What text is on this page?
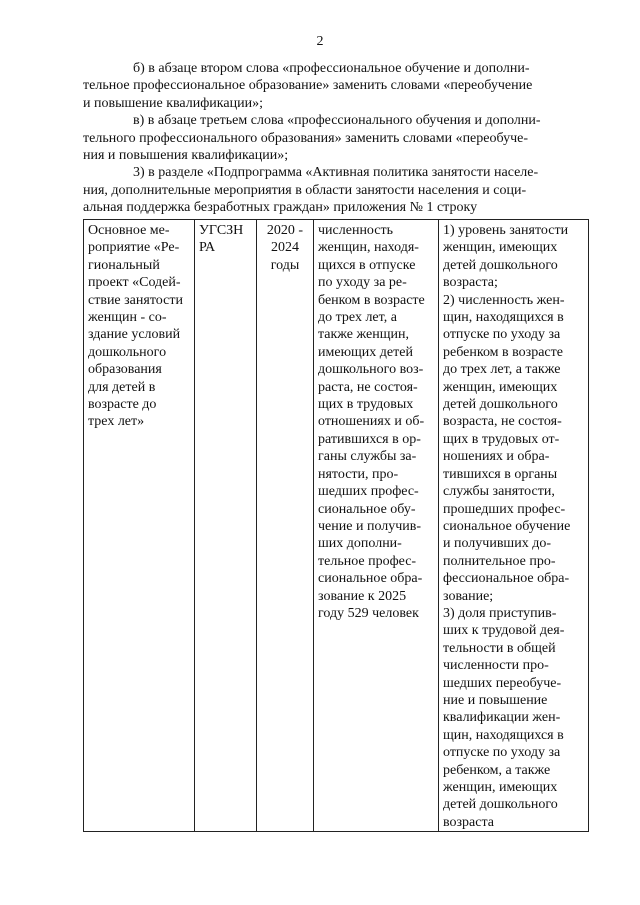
2

б) в абзаце втором слова «профессиональное обучение и дополни-
тельное профессиональное образование» заменить словами «переобучение
и повышение квалификации»;

в) в абзаце третьем слова «профессионального обучения и дополни-
тельного профессионального образования» заменить словами «переобуче-
ния и повышения квалификации»;

3) в разделе «Подпрограмма «Активная политика занятости населе-
ния, дополнительные мероприятия в области занятости населения и соци-
альная поддержка безработных граждан» приложения № 1 строку

Основное ме-
роприятие «Ре-
гиональный
проект «Содей-
ствие занятости
женщин - со-
здание условий
дошкольного
образования
для детей в
возрасте до
трех лет»	УГСЗН
РА	2020 -
2024
годы	численность
женщин, находя-
щихся в отпуске
по уходу за ре-
бенком в возрасте
до трех лет, а
также женщин,
имеющих детей
дошкольного воз-
раста, не состоя-
щих в трудовых
отношениях и об-
ратившихся в ор-
ганы службы за-
нятости, про-
шедших профес-
сиональное обу-
чение и получив-
ших дополни-
тельное профес-
сиональное обра-
зование к 2025
году 529 человек	1) уровень занятости
женщин, имеющих
детей дошкольного
возраста;
2) численность жен-
щин, находящихся в
отпуске по уходу за
ребенком в возрасте
до трех лет, а также
женщин, имеющих
детей дошкольного
возраста, не состоя-
щих в трудовых от-
ношениях и обра-
тившихся в органы
службы занятости,
прошедших профес-
сиональное обучение
и получивших до-
полнительное про-
фессиональное обра-
зование;
3) доля приступив-
ших к трудовой дея-
тельности в общей
численности про-
шедших переобуче-
ние и повышение
квалификации жен-
щин, находящихся в
отпуске по уходу за
ребенком, а также
женщин, имеющих
детей дошкольного
возраста
